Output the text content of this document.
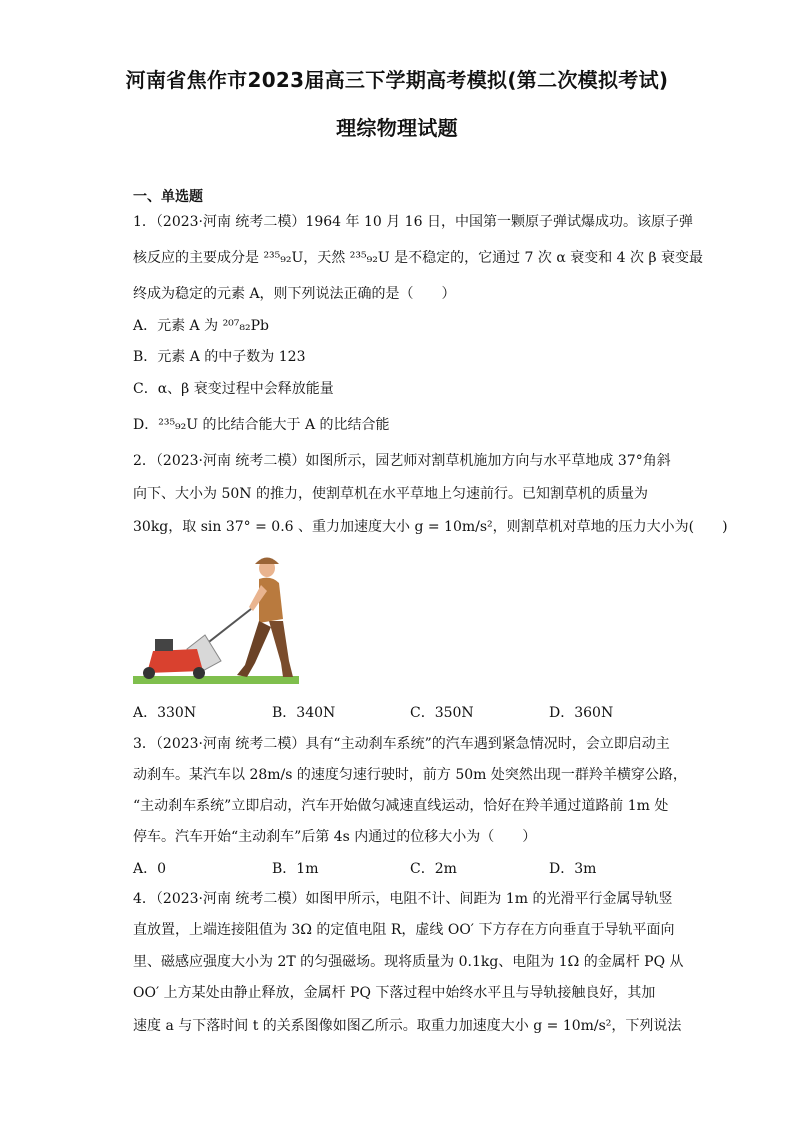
河南省焦作市2023届高三下学期高考模拟(第二次模拟考试)
理综物理试题
一、单选题
1．（2023·河南 统考二模）1964 年 10 月 16 日，中国第一颗原子弹试爆成功。该原子弹
核反应的主要成分是 ²³⁵₉₂U，天然 ²³⁵₉₂U 是不稳定的，它通过 7 次 α 衰变和 4 次 β 衰变最
终成为稳定的元素 A，则下列说法正确的是（　　）
A．元素 A 为 ²⁰⁷₈₂Pb
B．元素 A 的中子数为 123
C．α、β 衰变过程中会释放能量
D．²³⁵₉₂U 的比结合能大于 A 的比结合能
2．（2023·河南 统考二模）如图所示，园艺师对割草机施加方向与水平草地成 37°角斜
向下、大小为 50N 的推力，使割草机在水平草地上匀速前行。已知割草机的质量为
30kg，取 sin 37° = 0.6 、重力加速度大小 g = 10m/s²，则割草机对草地的压力大小为(　　)
A．330N	B．340N	C．350N	D．360N
3．（2023·河南 统考二模）具有“主动刹车系统”的汽车遇到紧急情况时，会立即启动主
动刹车。某汽车以 28m/s 的速度匀速行驶时，前方 50m 处突然出现一群羚羊横穿公路，
“主动刹车系统”立即启动，汽车开始做匀减速直线运动，恰好在羚羊通过道路前 1m 处
停车。汽车开始“主动刹车”后第 4s 内通过的位移大小为（　　）
A．0	B．1m	C．2m	D．3m
4．（2023·河南 统考二模）如图甲所示，电阻不计、间距为 1m 的光滑平行金属导轨竖
直放置，上端连接阻值为 3Ω 的定值电阻 R，虚线 OO′ 下方存在方向垂直于导轨平面向
里、磁感应强度大小为 2T 的匀强磁场。现将质量为 0.1kg、电阻为 1Ω 的金属杆 PQ 从
OO′ 上方某处由静止释放，金属杆 PQ 下落过程中始终水平且与导轨接触良好，其加
速度 a 与下落时间 t 的关系图像如图乙所示。取重力加速度大小 g = 10m/s²，下列说法
